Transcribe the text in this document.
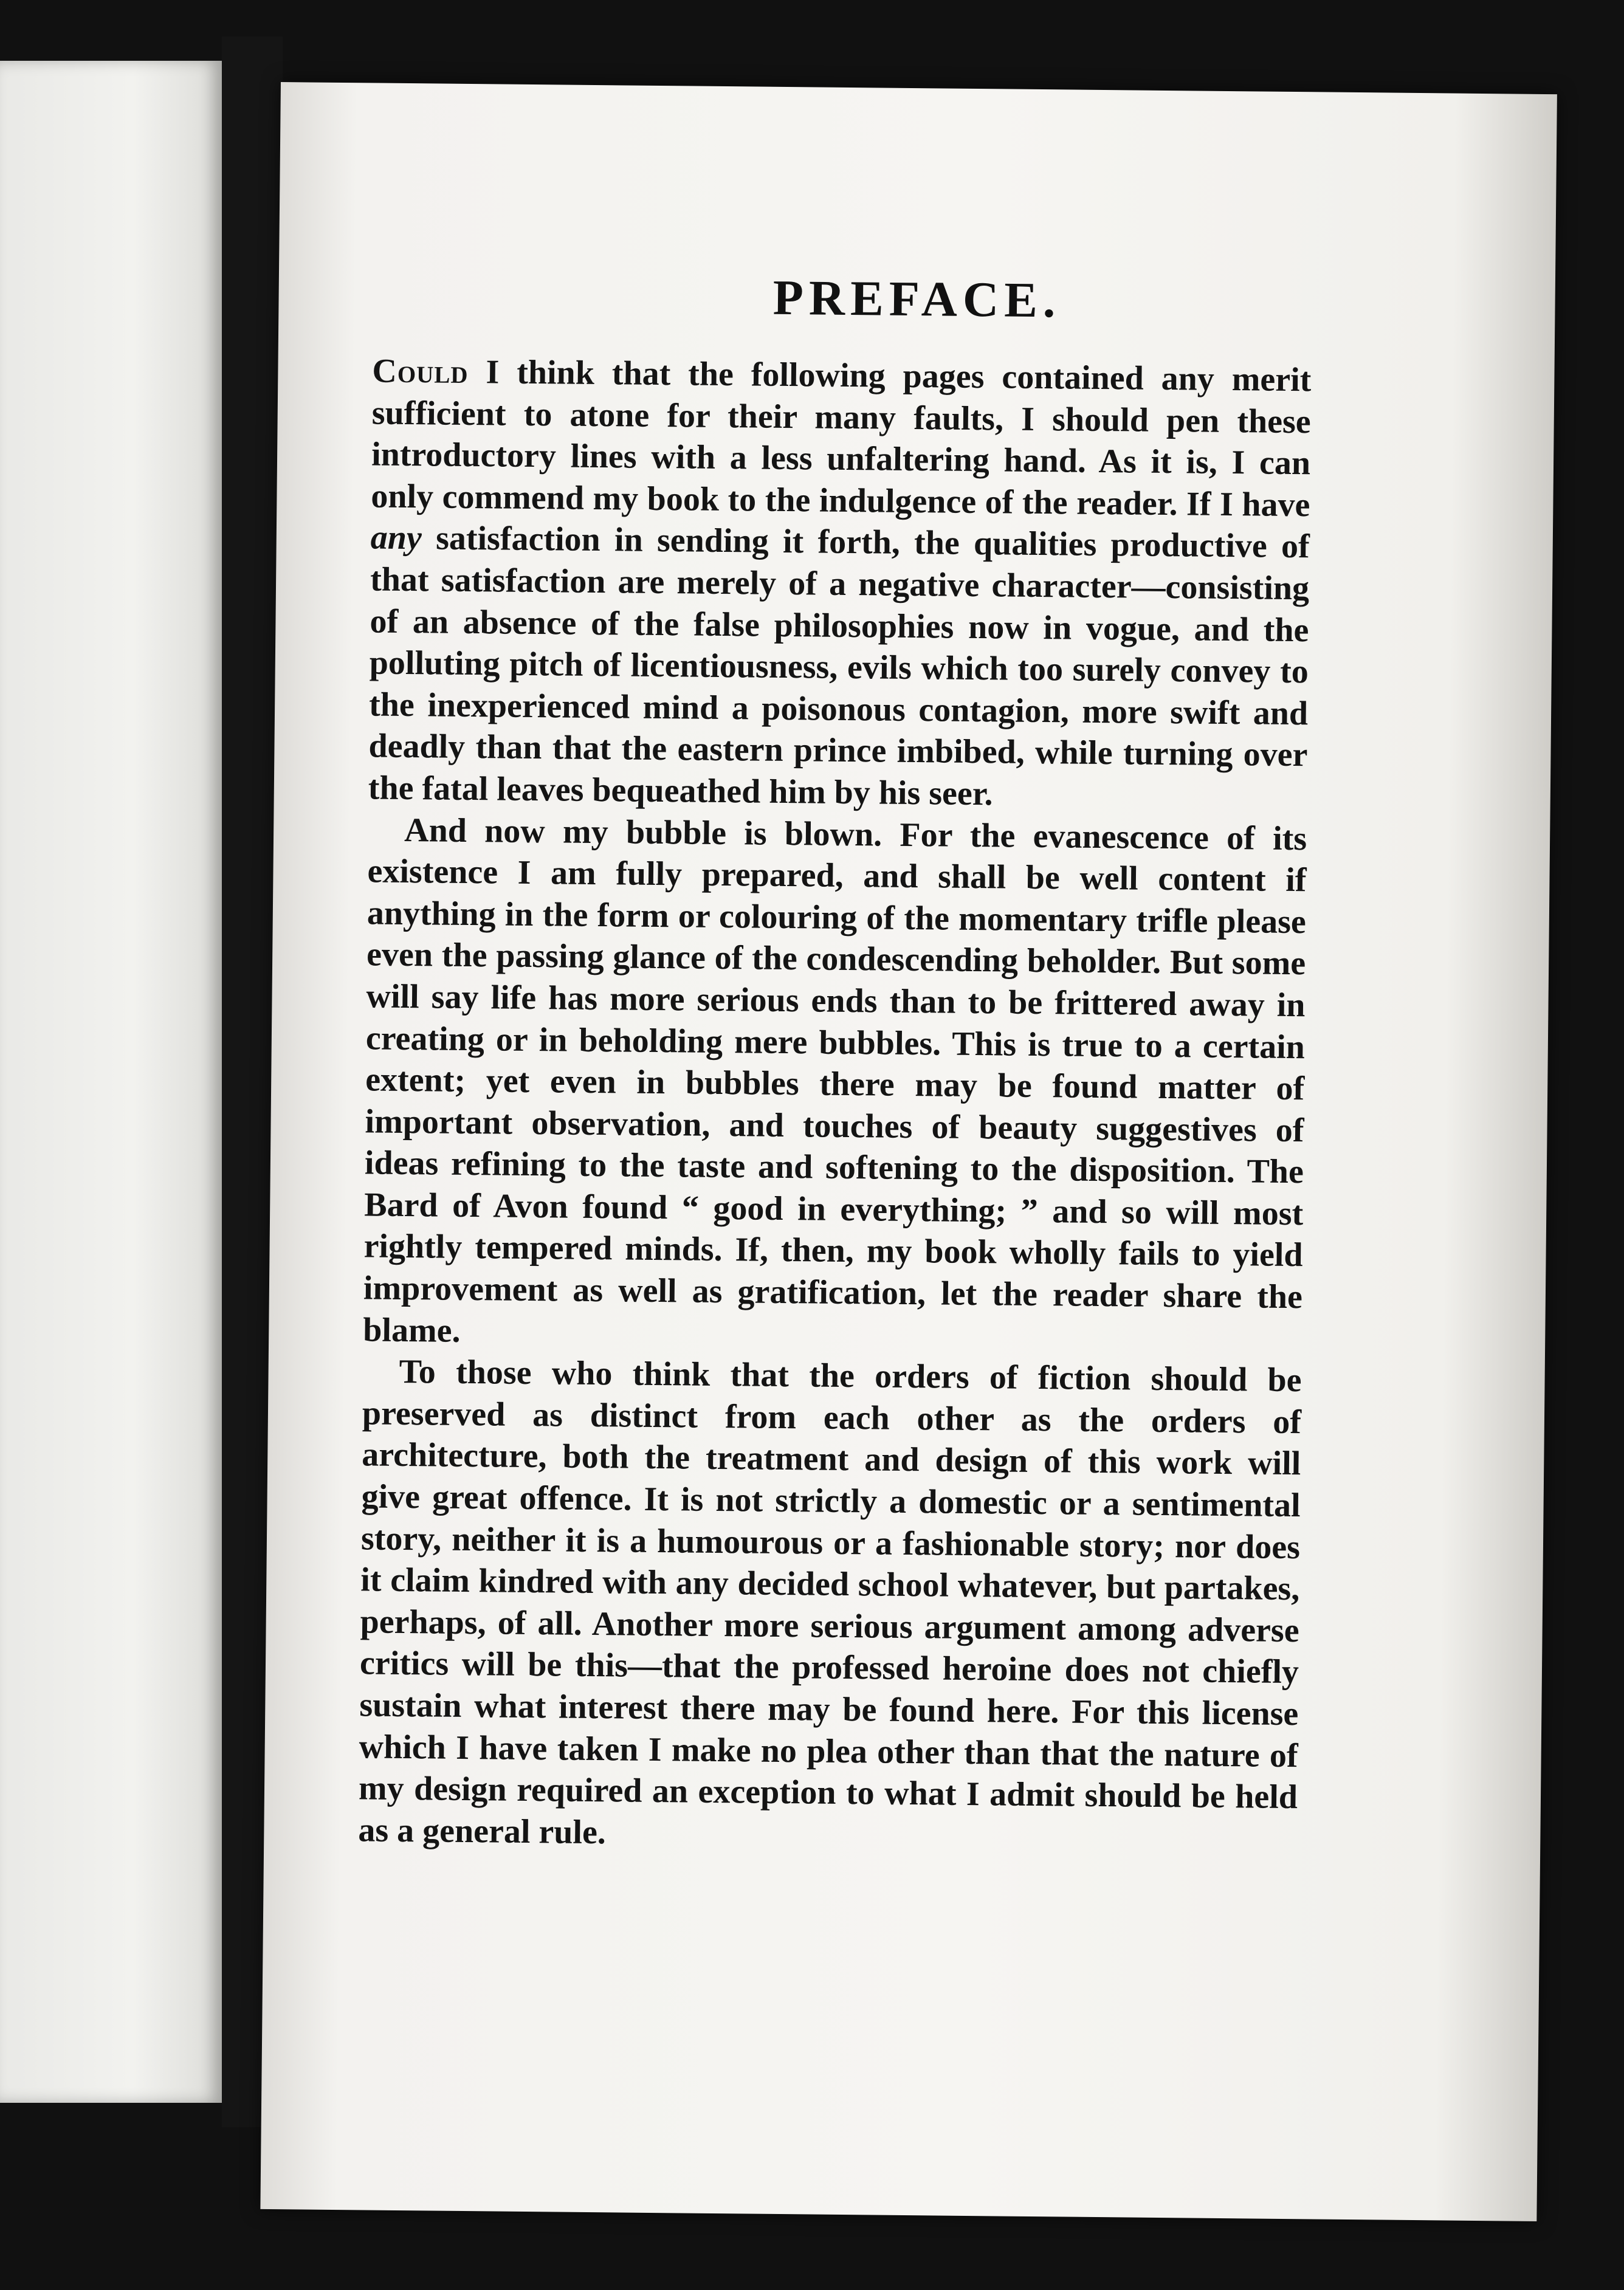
PREFACE.

Could I think that the following pages contained any merit sufficient to atone for their many faults, I should pen these introductory lines with a less unfaltering hand. As it is, I can only commend my book to the indulgence of the reader. If I have any satisfaction in sending it forth, the qualities productive of that satisfaction are merely of a negative character—consisting of an absence of the false philosophies now in vogue, and the polluting pitch of licentiousness, evils which too surely convey to the inexperienced mind a poisonous contagion, more swift and deadly than that the eastern prince imbibed, while turning over the fatal leaves bequeathed him by his seer.

And now my bubble is blown. For the evanescence of its existence I am fully prepared, and shall be well content if anything in the form or colouring of the momentary trifle please even the passing glance of the condescending beholder. But some will say life has more serious ends than to be frittered away in creating or in beholding mere bubbles. This is true to a certain extent; yet even in bubbles there may be found matter of important observation, and touches of beauty suggestives of ideas refining to the taste and softening to the disposition. The Bard of Avon found “ good in everything; ” and so will most rightly tempered minds. If, then, my book wholly fails to yield improvement as well as gratification, let the reader share the blame.

To those who think that the orders of fiction should be preserved as distinct from each other as the orders of architecture, both the treatment and design of this work will give great offence. It is not strictly a domestic or a sentimental story, neither it is a humourous or a fashionable story; nor does it claim kindred with any decided school whatever, but partakes, perhaps, of all. Another more serious argument among adverse critics will be this—that the professed heroine does not chiefly sustain what interest there may be found here. For this license which I have taken I make no plea other than that the nature of my design required an exception to what I admit should be held as a general rule.
